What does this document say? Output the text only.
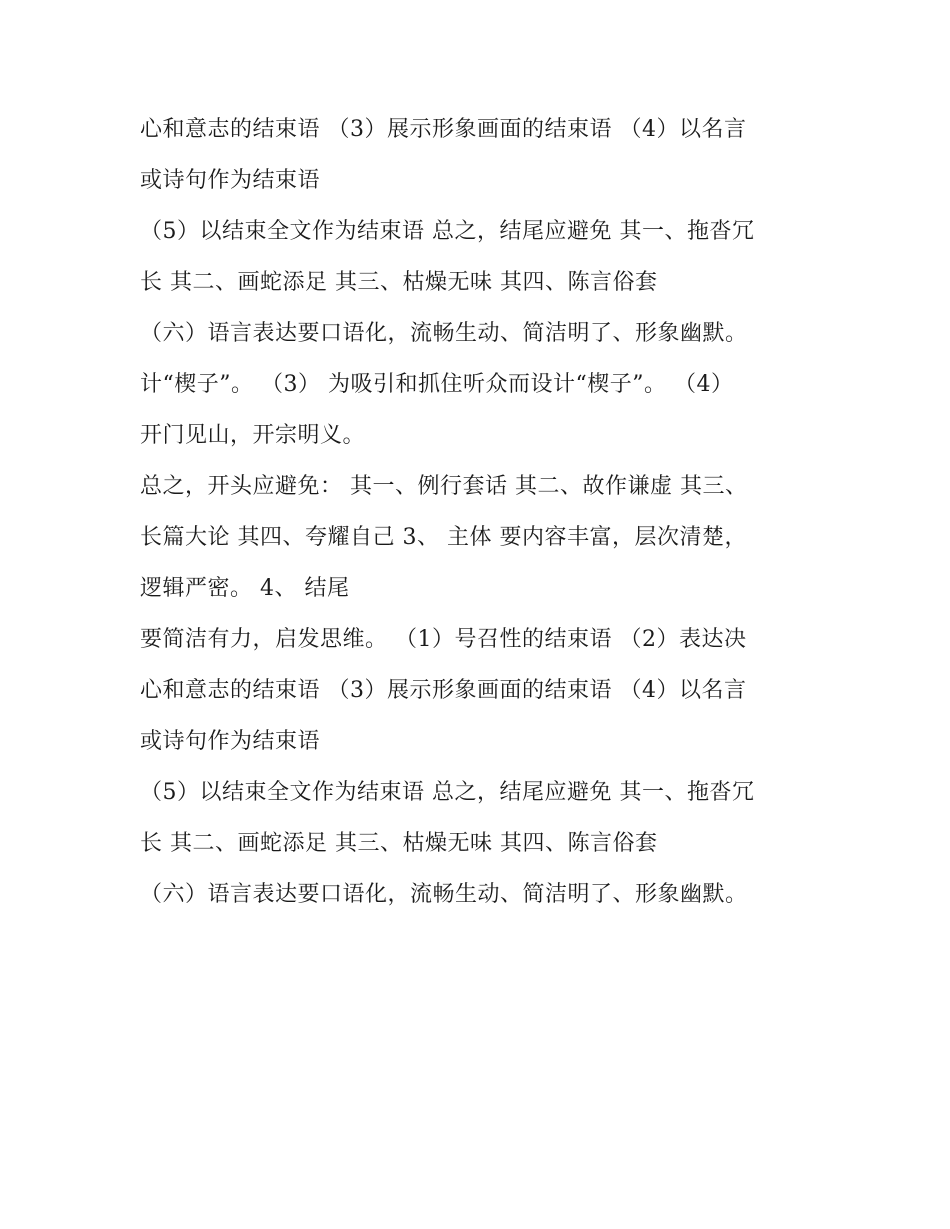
心和意志的结束语 （3）展示形象画面的结束语 （4）以名言
或诗句作为结束语
（5）以结束全文作为结束语 总之，结尾应避免 其一、拖沓冗
长 其二、画蛇添足 其三、枯燥无味 其四、陈言俗套
（六）语言表达要口语化，流畅生动、简洁明了、形象幽默。
计“楔子”。 （3） 为吸引和抓住听众而设计“楔子”。 （4）
开门见山，开宗明义。
总之，开头应避免： 其一、例行套话 其二、故作谦虚 其三、
长篇大论 其四、夸耀自己 3、 主体 要内容丰富，层次清楚，
逻辑严密。 4、 结尾
要简洁有力，启发思维。 （1）号召性的结束语 （2）表达决
心和意志的结束语 （3）展示形象画面的结束语 （4）以名言
或诗句作为结束语
（5）以结束全文作为结束语 总之，结尾应避免 其一、拖沓冗
长 其二、画蛇添足 其三、枯燥无味 其四、陈言俗套
（六）语言表达要口语化，流畅生动、简洁明了、形象幽默。
